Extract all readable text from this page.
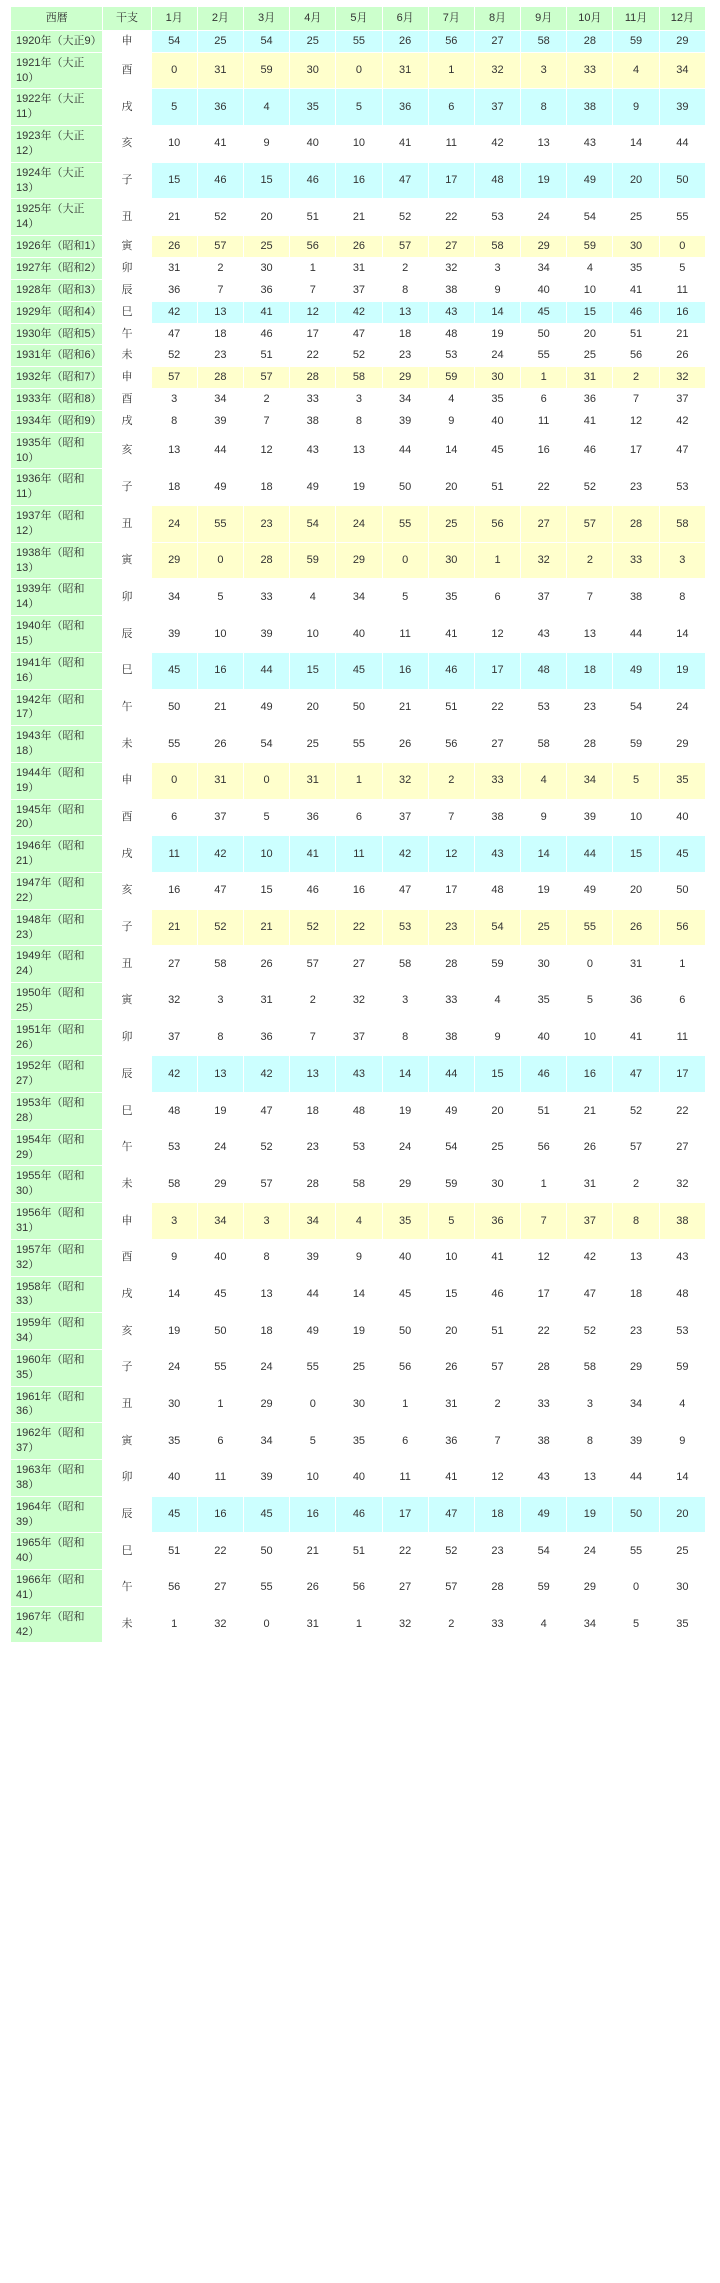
西暦	干支	1月	2月	3月	4月	5月	6月	7月	8月	9月	10月	11月	12月
1920年（大正9）	申	54	25	54	25	55	26	56	27	58	28	59	29
1921年（大正10）	酉	0	31	59	30	0	31	1	32	3	33	4	34
1922年（大正11）	戌	5	36	4	35	5	36	6	37	8	38	9	39
1923年（大正12）	亥	10	41	9	40	10	41	11	42	13	43	14	44
1924年（大正13）	子	15	46	15	46	16	47	17	48	19	49	20	50
1925年（大正14）	丑	21	52	20	51	21	52	22	53	24	54	25	55
1926年（昭和1）	寅	26	57	25	56	26	57	27	58	29	59	30	0
1927年（昭和2）	卯	31	2	30	1	31	2	32	3	34	4	35	5
1928年（昭和3）	辰	36	7	36	7	37	8	38	9	40	10	41	11
1929年（昭和4）	巳	42	13	41	12	42	13	43	14	45	15	46	16
1930年（昭和5）	午	47	18	46	17	47	18	48	19	50	20	51	21
1931年（昭和6）	未	52	23	51	22	52	23	53	24	55	25	56	26
1932年（昭和7）	申	57	28	57	28	58	29	59	30	1	31	2	32
1933年（昭和8）	酉	3	34	2	33	3	34	4	35	6	36	7	37
1934年（昭和9）	戌	8	39	7	38	8	39	9	40	11	41	12	42
1935年（昭和10）	亥	13	44	12	43	13	44	14	45	16	46	17	47
1936年（昭和11）	子	18	49	18	49	19	50	20	51	22	52	23	53
1937年（昭和12）	丑	24	55	23	54	24	55	25	56	27	57	28	58
1938年（昭和13）	寅	29	0	28	59	29	0	30	1	32	2	33	3
1939年（昭和14）	卯	34	5	33	4	34	5	35	6	37	7	38	8
1940年（昭和15）	辰	39	10	39	10	40	11	41	12	43	13	44	14
1941年（昭和16）	巳	45	16	44	15	45	16	46	17	48	18	49	19
1942年（昭和17）	午	50	21	49	20	50	21	51	22	53	23	54	24
1943年（昭和18）	未	55	26	54	25	55	26	56	27	58	28	59	29
1944年（昭和19）	申	0	31	0	31	1	32	2	33	4	34	5	35
1945年（昭和20）	酉	6	37	5	36	6	37	7	38	9	39	10	40
1946年（昭和21）	戌	11	42	10	41	11	42	12	43	14	44	15	45
1947年（昭和22）	亥	16	47	15	46	16	47	17	48	19	49	20	50
1948年（昭和23）	子	21	52	21	52	22	53	23	54	25	55	26	56
1949年（昭和24）	丑	27	58	26	57	27	58	28	59	30	0	31	1
1950年（昭和25）	寅	32	3	31	2	32	3	33	4	35	5	36	6
1951年（昭和26）	卯	37	8	36	7	37	8	38	9	40	10	41	11
1952年（昭和27）	辰	42	13	42	13	43	14	44	15	46	16	47	17
1953年（昭和28）	巳	48	19	47	18	48	19	49	20	51	21	52	22
1954年（昭和29）	午	53	24	52	23	53	24	54	25	56	26	57	27
1955年（昭和30）	未	58	29	57	28	58	29	59	30	1	31	2	32
1956年（昭和31）	申	3	34	3	34	4	35	5	36	7	37	8	38
1957年（昭和32）	酉	9	40	8	39	9	40	10	41	12	42	13	43
1958年（昭和33）	戌	14	45	13	44	14	45	15	46	17	47	18	48
1959年（昭和34）	亥	19	50	18	49	19	50	20	51	22	52	23	53
1960年（昭和35）	子	24	55	24	55	25	56	26	57	28	58	29	59
1961年（昭和36）	丑	30	1	29	0	30	1	31	2	33	3	34	4
1962年（昭和37）	寅	35	6	34	5	35	6	36	7	38	8	39	9
1963年（昭和38）	卯	40	11	39	10	40	11	41	12	43	13	44	14
1964年（昭和39）	辰	45	16	45	16	46	17	47	18	49	19	50	20
1965年（昭和40）	巳	51	22	50	21	51	22	52	23	54	24	55	25
1966年（昭和41）	午	56	27	55	26	56	27	57	28	59	29	0	30
1967年（昭和42）	未	1	32	0	31	1	32	2	33	4	34	5	35
